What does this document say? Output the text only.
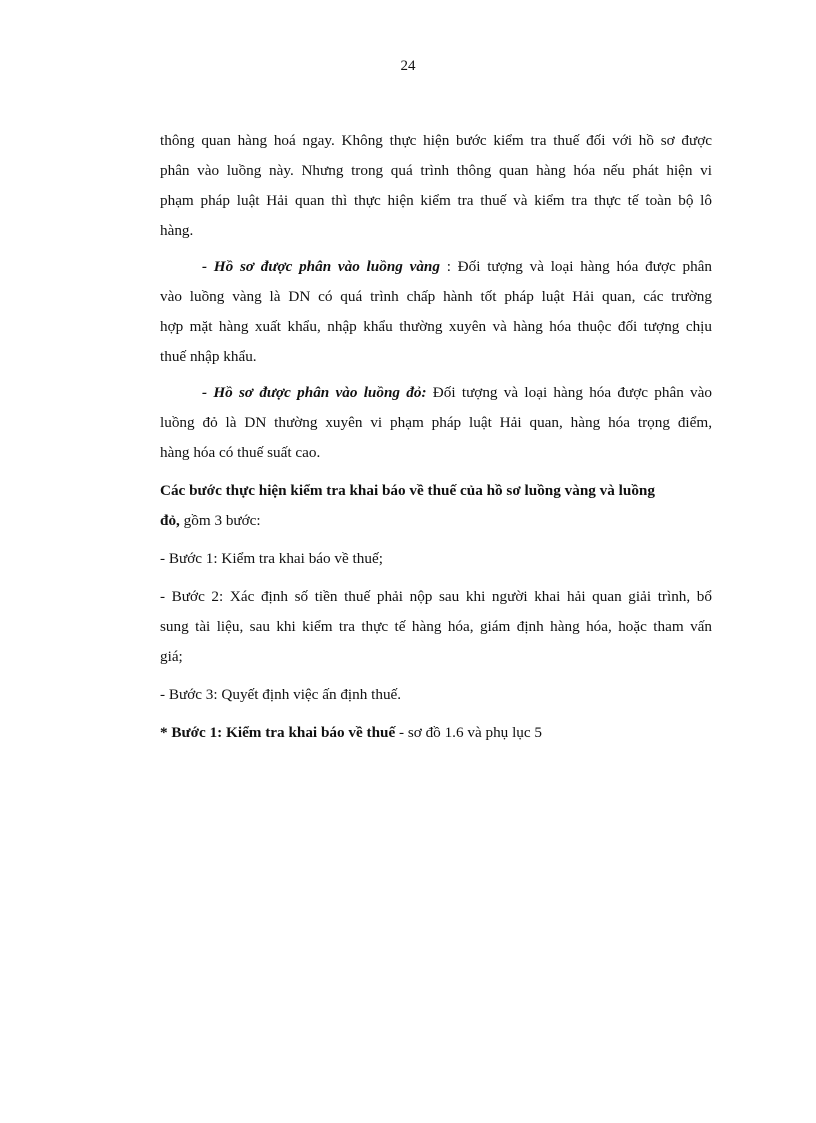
24
thông quan hàng hoá ngay. Không thực hiện bước kiểm tra thuế đối với hồ sơ được
phân vào luồng này. Nhưng trong quá trình thông quan hàng hóa nếu phát hiện vi
phạm pháp luật Hải quan thì thực hiện kiểm tra thuế và kiểm tra thực tế toàn bộ lô
hàng.
- Hồ sơ được phân vào luồng vàng : Đối tượng và loại hàng hóa được phân
vào luồng vàng là DN có quá trình chấp hành tốt pháp luật Hải quan, các trường
hợp mặt hàng xuất khẩu, nhập khẩu thường xuyên và hàng hóa thuộc đối tượng chịu
thuế nhập khẩu.
- Hồ sơ được phân vào luồng đỏ: Đối tượng và loại hàng hóa được phân vào
luồng đỏ là DN thường xuyên vi phạm pháp luật Hải quan, hàng hóa trọng điểm,
hàng hóa có thuế suất cao.
Các bước thực hiện kiểm tra khai báo về thuế của hồ sơ luồng vàng và luồng
đỏ, gồm 3 bước:
- Bước 1: Kiểm tra khai báo về thuế;
- Bước 2: Xác định số tiền thuế phải nộp sau khi người khai hải quan giải trình, bổ
sung tài liệu, sau khi kiểm tra thực tế hàng hóa, giám định hàng hóa, hoặc tham vấn
giá;
- Bước 3: Quyết định việc ấn định thuế.
* Bước 1: Kiểm tra khai báo về thuế - sơ đồ 1.6 và phụ lục 5
